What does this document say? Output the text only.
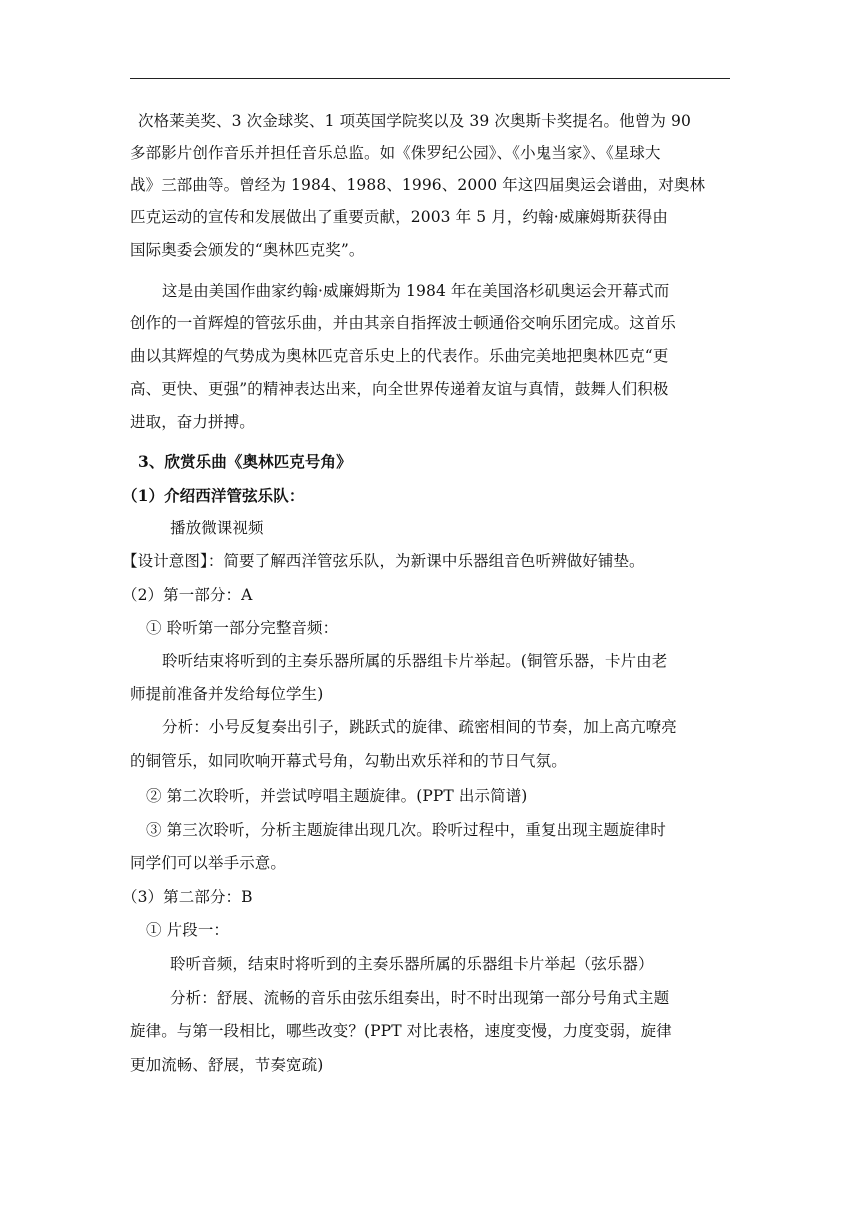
次格莱美奖、3 次金球奖、1 项英国学院奖以及 39 次奥斯卡奖提名。他曾为 90
多部影片创作音乐并担任音乐总监。如《侏罗纪公园》、《小鬼当家》、《星球大
战》三部曲等。曾经为 1984、1988、1996、2000 年这四届奥运会谱曲，对奥林
匹克运动的宣传和发展做出了重要贡献，2003 年 5 月，约翰·威廉姆斯获得由
国际奥委会颁发的“奥林匹克奖”。
这是由美国作曲家约翰·威廉姆斯为 1984 年在美国洛杉矶奥运会开幕式而
创作的一首辉煌的管弦乐曲，并由其亲自指挥波士顿通俗交响乐团完成。这首乐
曲以其辉煌的气势成为奥林匹克音乐史上的代表作。乐曲完美地把奥林匹克“更
高、更快、更强”的精神表达出来，向全世界传递着友谊与真情，鼓舞人们积极
进取，奋力拼搏。
3、欣赏乐曲《奥林匹克号角》
（1）介绍西洋管弦乐队：
播放微课视频
【设计意图】：简要了解西洋管弦乐队，为新课中乐器组音色听辨做好铺垫。
（2）第一部分：A
① 聆听第一部分完整音频：
聆听结束将听到的主奏乐器所属的乐器组卡片举起。(铜管乐器，卡片由老
师提前准备并发给每位学生)
分析：小号反复奏出引子，跳跃式的旋律、疏密相间的节奏，加上高亢嘹亮
的铜管乐，如同吹响开幕式号角，勾勒出欢乐祥和的节日气氛。
② 第二次聆听，并尝试哼唱主题旋律。(PPT 出示简谱)
③ 第三次聆听，分析主题旋律出现几次。聆听过程中，重复出现主题旋律时
同学们可以举手示意。
（3）第二部分：B
① 片段一：
聆听音频，结束时将听到的主奏乐器所属的乐器组卡片举起（弦乐器）
分析：舒展、流畅的音乐由弦乐组奏出，时不时出现第一部分号角式主题
旋律。与第一段相比，哪些改变？(PPT 对比表格，速度变慢，力度变弱，旋律
更加流畅、舒展，节奏宽疏)
